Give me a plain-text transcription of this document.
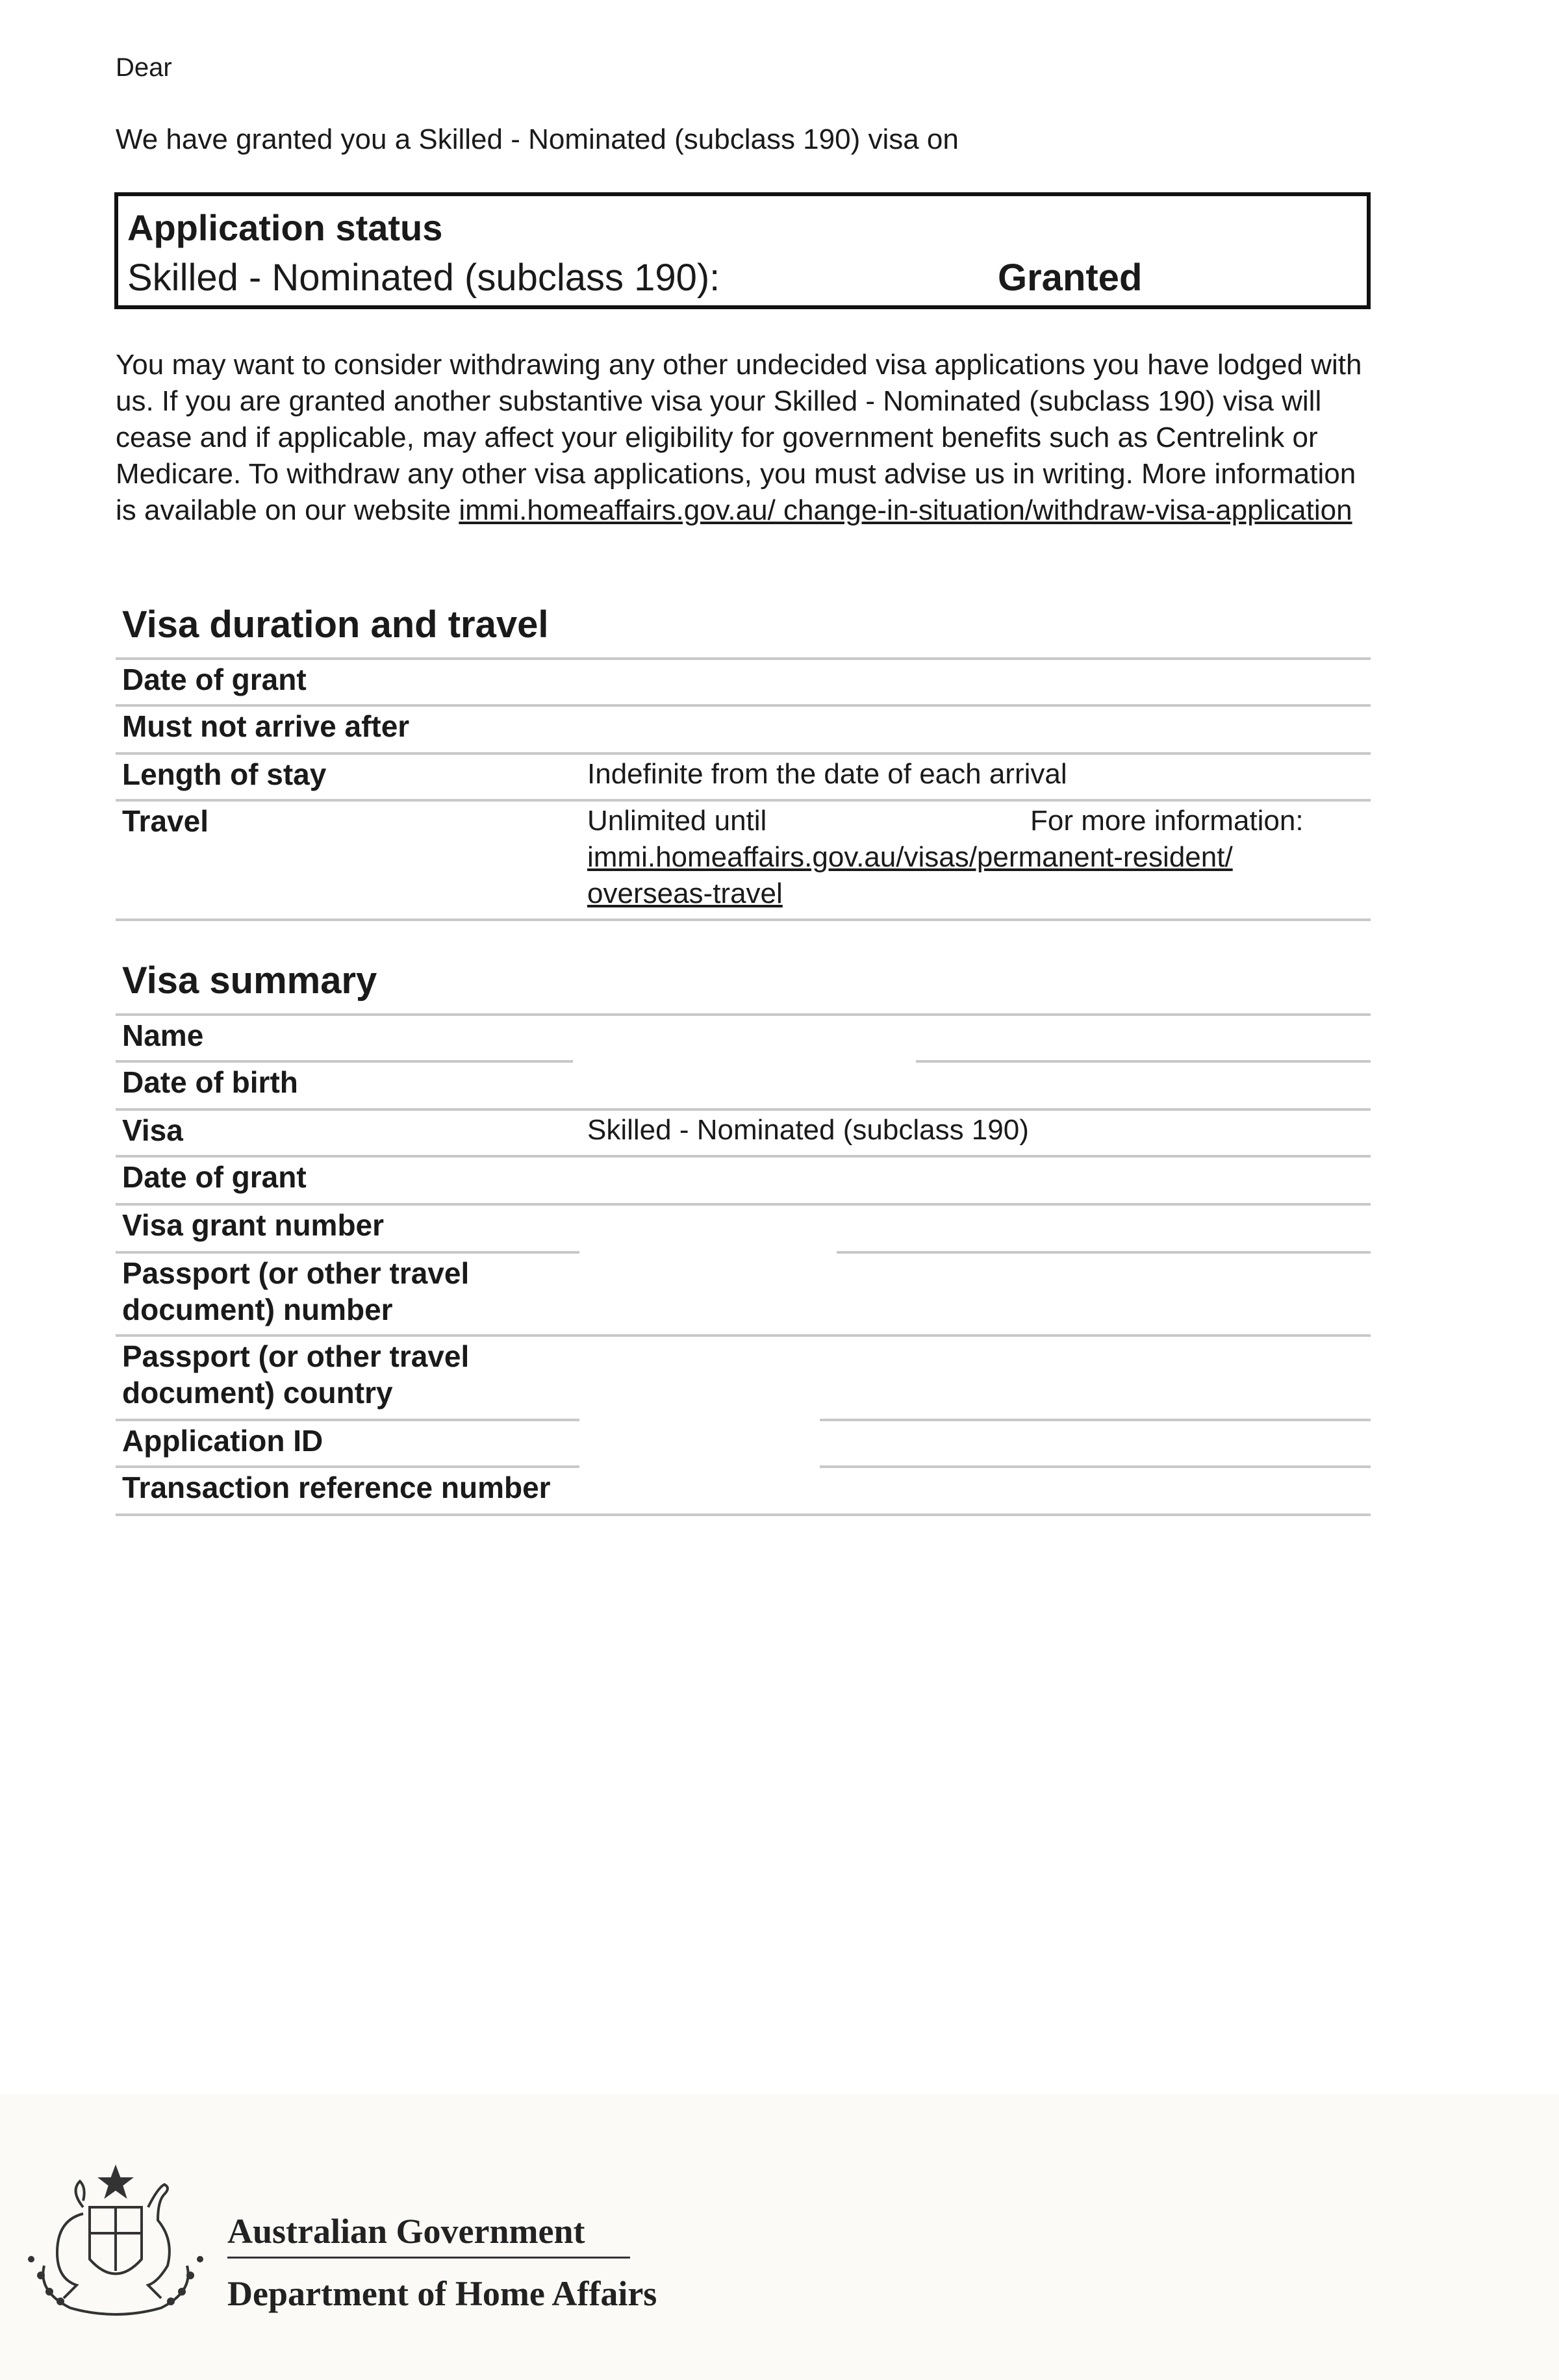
Dear
We have granted you a Skilled - Nominated (subclass 190) visa on
Application status
Skilled - Nominated (subclass 190):	Granted
You may want to consider withdrawing any other undecided visa applications you have lodged with us. If you are granted another substantive visa your Skilled - Nominated (subclass 190) visa will cease and if applicable, may affect your eligibility for government benefits such as Centrelink or Medicare. To withdraw any other visa applications, you must advise us in writing. More information is available on our website immi.homeaffairs.gov.au/ change-in-situation/withdraw-visa-application
Visa duration and travel
Date of grant
Must not arrive after
Length of stay	Indefinite from the date of each arrival
Travel	Unlimited until	For more information:
immi.homeaffairs.gov.au/visas/permanent-resident/ overseas-travel
Visa summary
Name
Date of birth
Visa	Skilled - Nominated (subclass 190)
Date of grant
Visa grant number
Passport (or other travel document) number
Passport (or other travel document) country
Application ID
Transaction reference number
Australian Government
Department of Home Affairs
